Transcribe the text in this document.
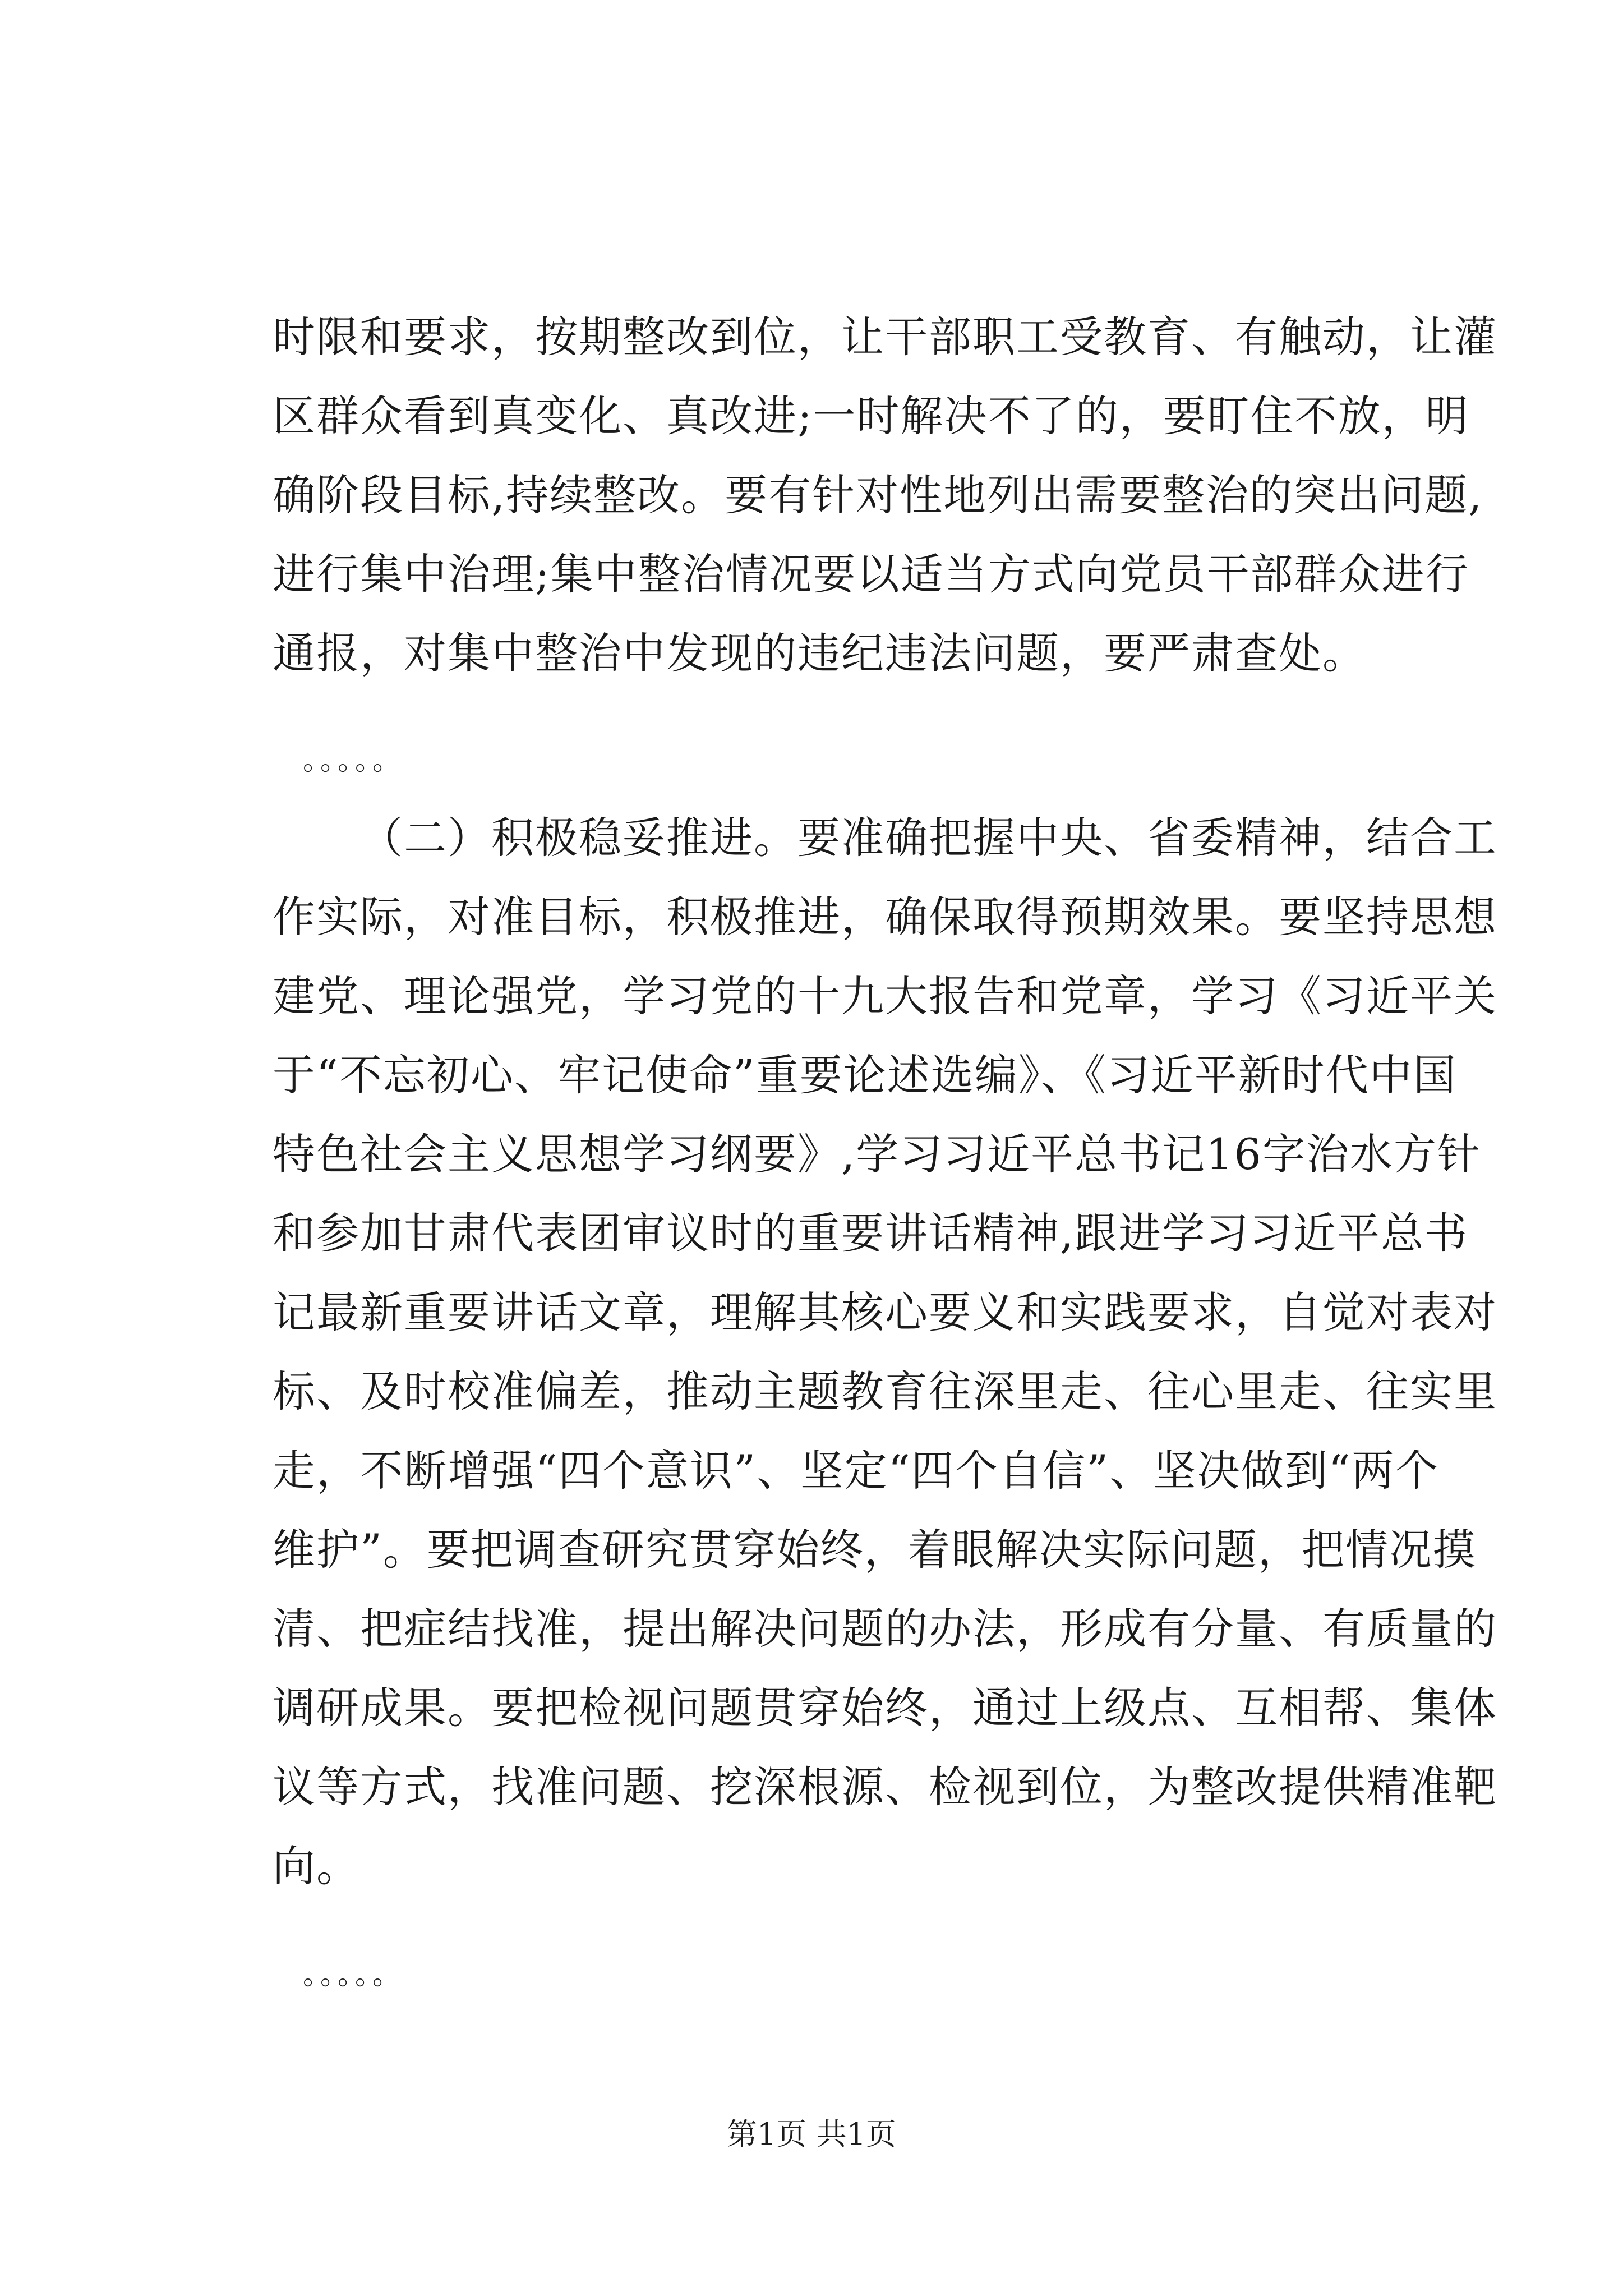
时限和要求，按期整改到位，让干部职工受教育、有触动，让灌
区群众看到真变化、真改进;一时解决不了的，要盯住不放，明
确阶段目标,持续整改。要有针对性地列出需要整治的突出问题,
进行集中治理;集中整治情况要以适当方式向党员干部群众进行
通报，对集中整治中发现的违纪违法问题，要严肃查处。
。。。。。
（二）积极稳妥推进。要准确把握中央、省委精神，结合工
作实际，对准目标，积极推进，确保取得预期效果。要坚持思想
建党、理论强党，学习党的十九大报告和党章，学习《习近平关
于“不忘初心、牢记使命”重要论述选编》、《习近平新时代中国
特色社会主义思想学习纲要》,学习习近平总书记16字治水方针
和参加甘肃代表团审议时的重要讲话精神,跟进学习习近平总书
记最新重要讲话文章，理解其核心要义和实践要求，自觉对表对
标、及时校准偏差，推动主题教育往深里走、往心里走、往实里
走，不断增强“四个意识”、坚定“四个自信”、坚决做到“两个
维护”。要把调查研究贯穿始终，着眼解决实际问题，把情况摸
清、把症结找准，提出解决问题的办法，形成有分量、有质量的
调研成果。要把检视问题贯穿始终，通过上级点、互相帮、集体
议等方式，找准问题、挖深根源、检视到位，为整改提供精准靶
向。
。。。。。
第1页 共1页
